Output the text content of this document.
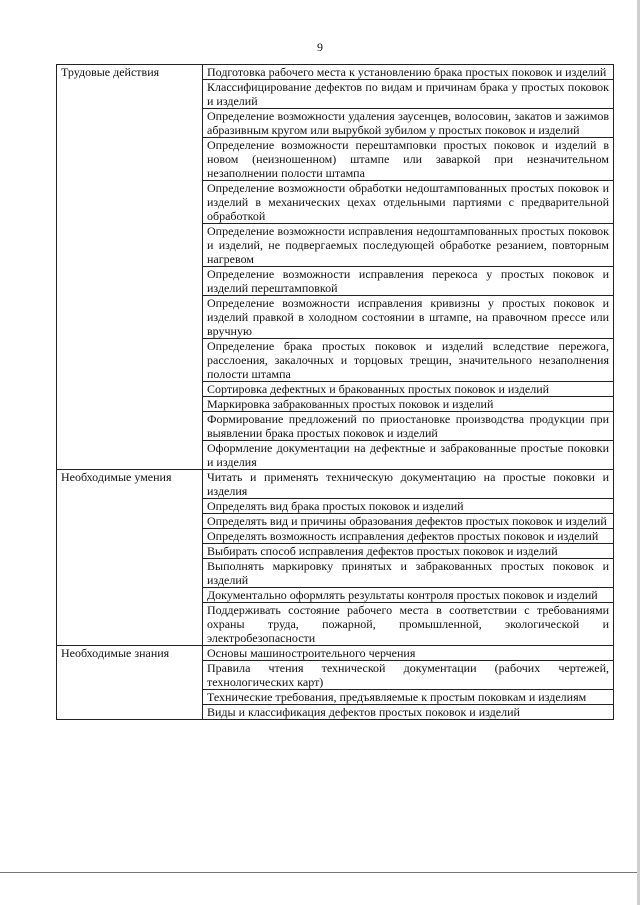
9
Трудовые действия	Подготовка рабочего места к установлению брака простых поковок и изделий
	Классифицирование дефектов по видам и причинам брака у простых поковок и изделий
	Определение возможности удаления заусенцев, волосовин, закатов и зажимов абразивным кругом или вырубкой зубилом у простых поковок и изделий
	Определение возможности перештамповки простых поковок и изделий в новом (неизношенном) штампе или заваркой при незначительном незаполнении полости штампа
	Определение возможности обработки недоштампованных простых поковок и изделий в механических цехах отдельными партиями с предварительной обработкой
	Определение возможности исправления недоштампованных простых поковок и изделий, не подвергаемых последующей обработке резанием, повторным нагревом
	Определение возможности исправления перекоса у простых поковок и изделий перештамповкой
	Определение возможности исправления кривизны у простых поковок и изделий правкой в холодном состоянии в штампе, на правочном прессе или вручную
	Определение брака простых поковок и изделий вследствие пережога, расслоения, закалочных и торцовых трещин, значительного незаполнения полости штампа
	Сортировка дефектных и бракованных простых поковок и изделий
	Маркировка забракованных простых поковок и изделий
	Формирование предложений по приостановке производства продукции при выявлении брака простых поковок и изделий
	Оформление документации на дефектные и забракованные простые поковки и изделия
Необходимые умения	Читать и применять техническую документацию на простые поковки и изделия
	Определять вид брака простых поковок и изделий
	Определять вид и причины образования дефектов простых поковок и изделий
	Определять возможность исправления дефектов простых поковок и изделий
	Выбирать способ исправления дефектов простых поковок и изделий
	Выполнять маркировку принятых и забракованных простых поковок и изделий
	Документально оформлять результаты контроля простых поковок и изделий
	Поддерживать состояние рабочего места в соответствии с требованиями охраны труда, пожарной, промышленной, экологической и электробезопасности
Необходимые знания	Основы машиностроительного черчения
	Правила чтения технической документации (рабочих чертежей, технологических карт)
	Технические требования, предъявляемые к простым поковкам и изделиям
	Виды и классификация дефектов простых поковок и изделий
